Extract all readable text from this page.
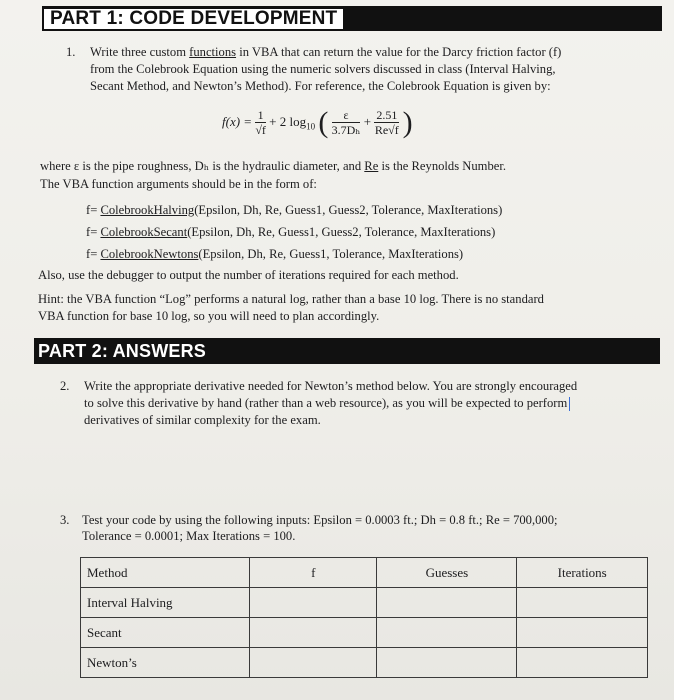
PART 1: CODE DEVELOPMENT
1. Write three custom functions in VBA that can return the value for the Darcy friction factor (f)
from the Colebrook Equation using the numeric solvers discussed in class (Interval Halving,
Secant Method, and Newton’s Method). For reference, the Colebrook Equation is given by:
$f(x) = \frac{1}{√f} + 2$ $\log_{10}$ ( $\frac{\varepsilon}{\text{3.7Dₕ}} + \frac{2.51}{Re√f}$ )
where ε is the pipe roughness, Dₕ is the hydraulic diameter, and Re is the Reynolds Number.
The VBA function arguments should be in the form of:
f= ColebrookHalving(Epsilon, Dh, Re, Guess1, Guess2, Tolerance, MaxIterations)
f= ColebrookSecant(Epsilon, Dh, Re, Guess1, Guess2, Tolerance, MaxIterations)
f= ColebrookNewtons(Epsilon, Dh, Re, Guess1, Tolerance, MaxIterations)
Also, use the debugger to output the number of iterations required for each method.
Hint: the VBA function “Log” performs a natural log, rather than a base 10 log. There is no standard
VBA function for base 10 log, so you will need to plan accordingly.
PART 2: ANSWERS
2. Write the appropriate derivative needed for Newton’s method below. You are strongly encouraged
to solve this derivative by hand (rather than a web resource), as you will be expected to perform
derivatives of similar complexity for the exam.
3. Test your code by using the following inputs: Epsilon = 0.0003 ft.; Dh = 0.8 ft.; Re = 700,000;
Tolerance = 0.0001; Max Iterations = 100.
Method	f	Guesses	Iterations
Interval Halving			
Secant			
Newton’s			
